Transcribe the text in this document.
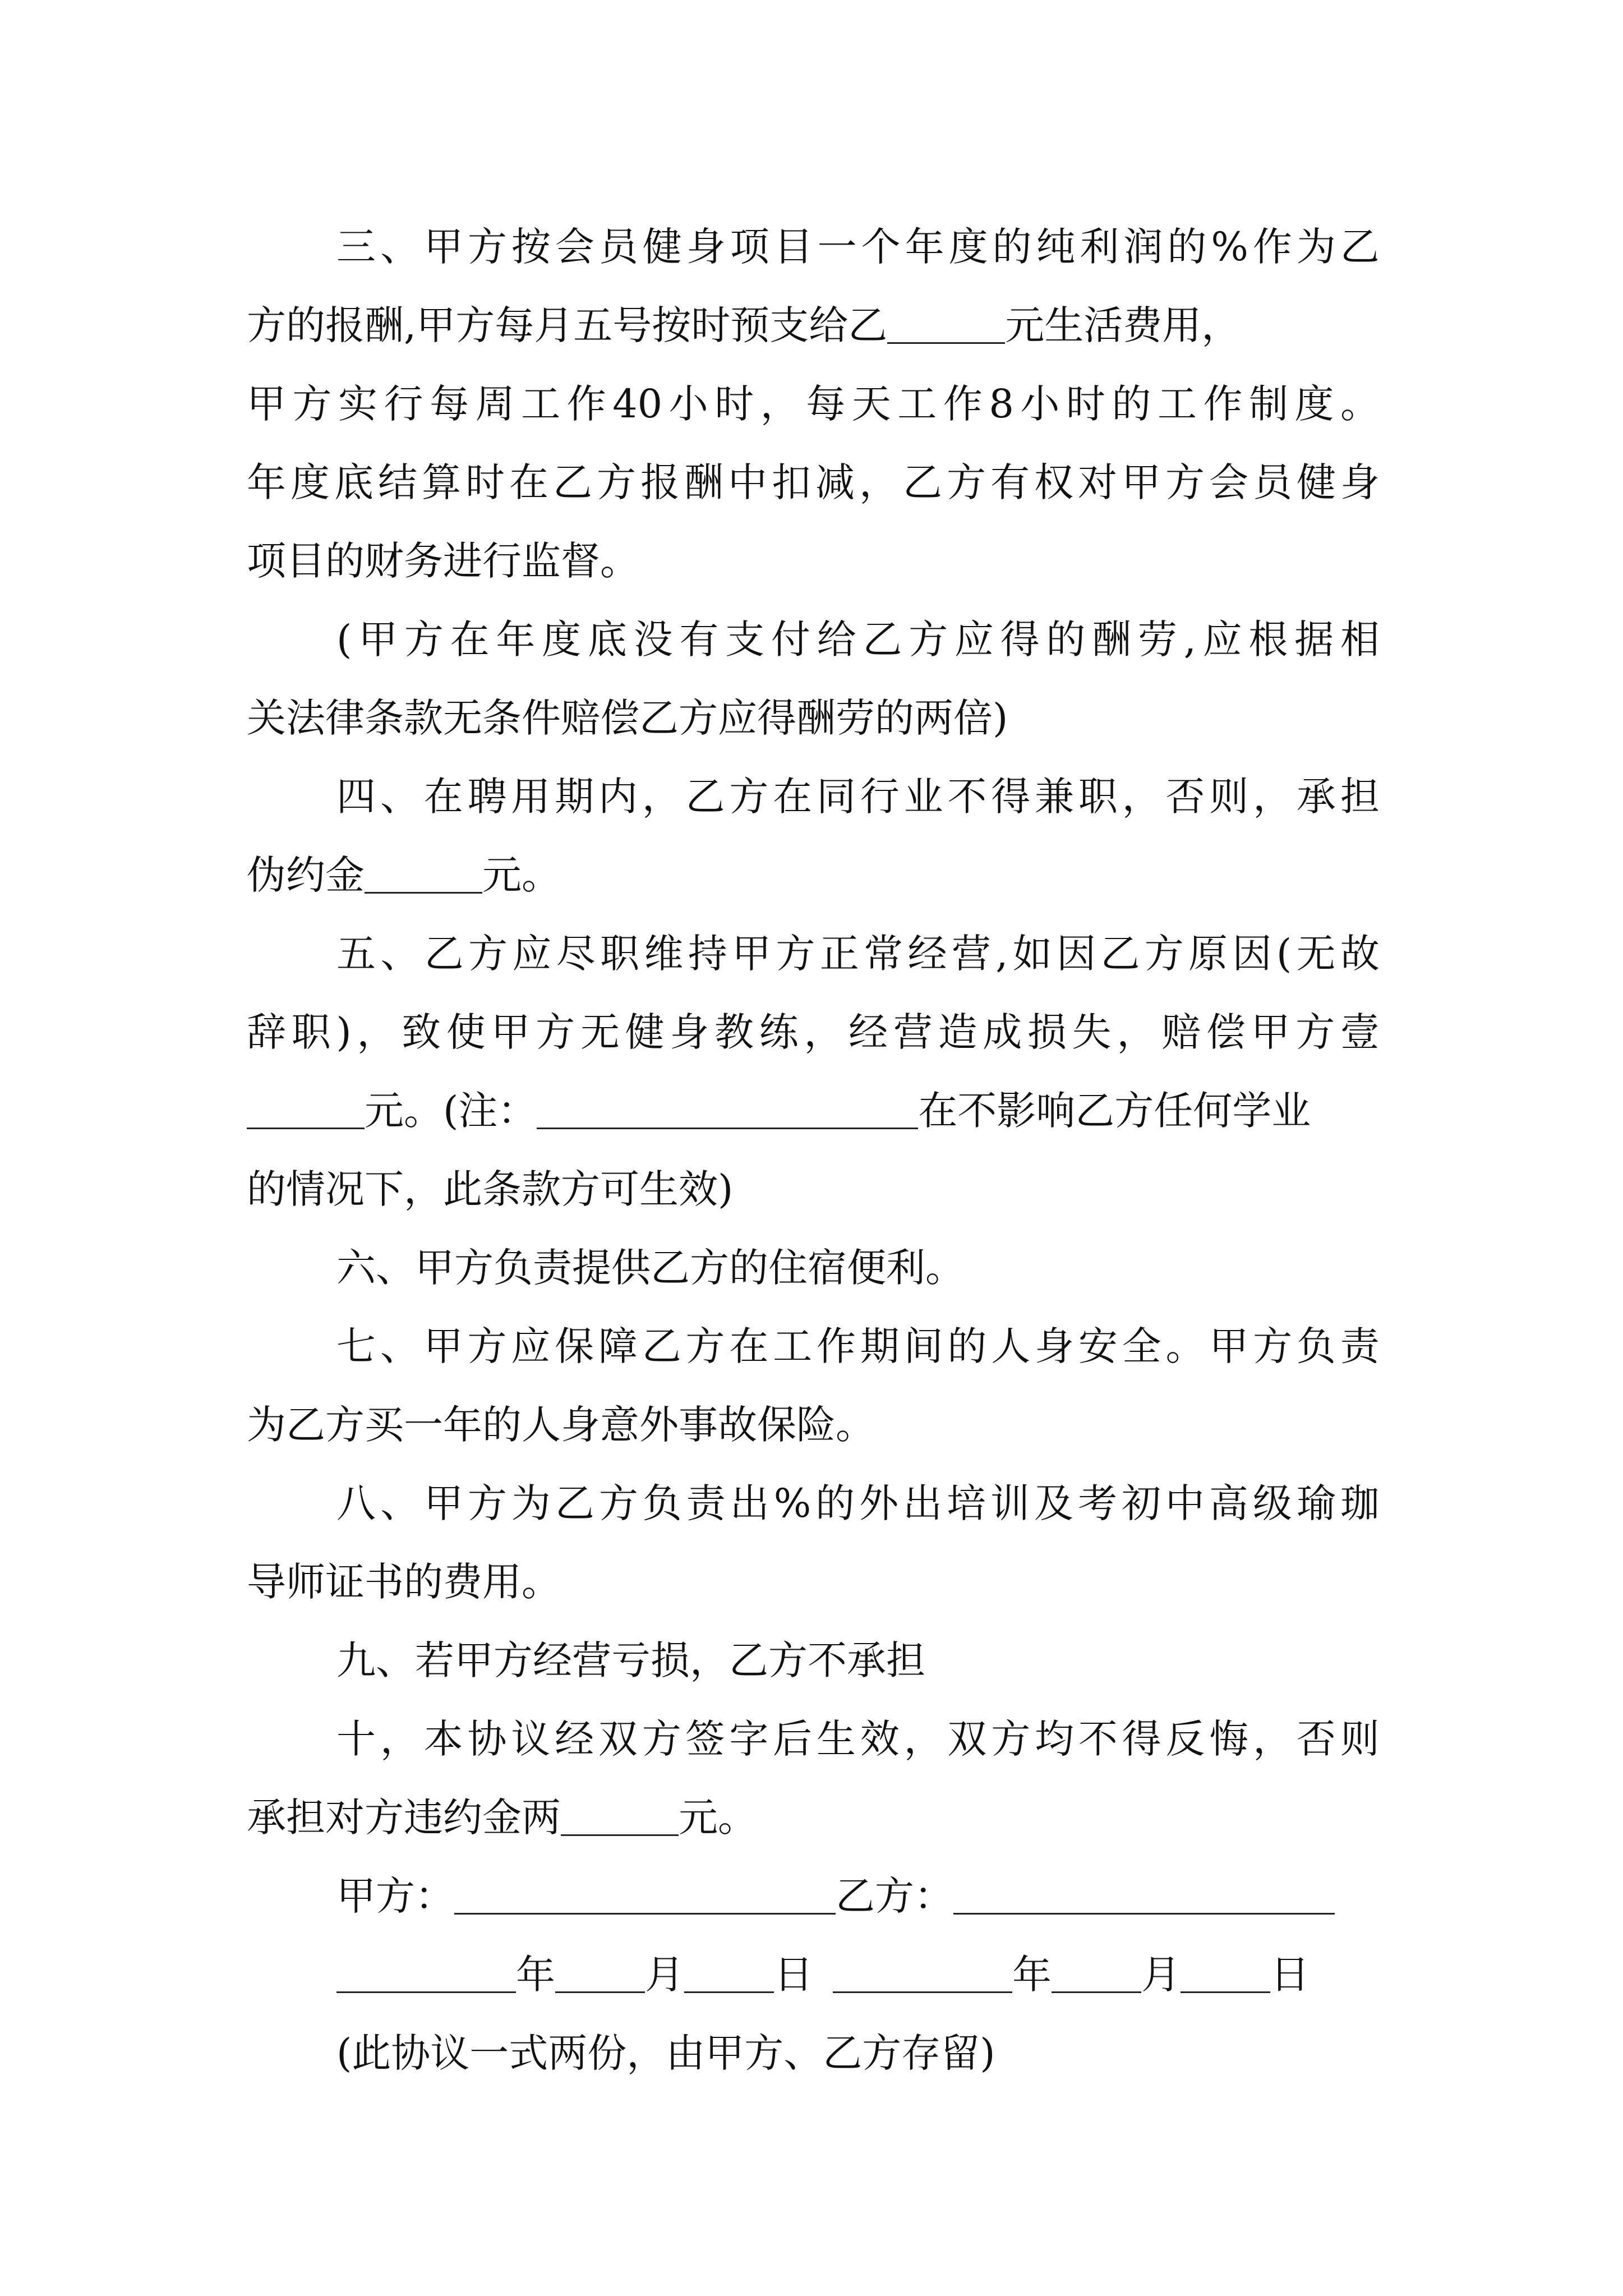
三 、 甲 方 按 会 员 健 身 项 目 一 个 年 度 的 纯 利 润 的 % 作 为 乙
方的报酬,甲方每月五号按时预支给乙	元生活费用，
甲 方 实 行 每 周 工 作 40 小 时 ， 每 天 工 作 8 小 时 的 工 作 制 度 。
年 度 底 结 算 时 在 乙 方 报 酬 中 扣 减 ， 乙 方 有 权 对 甲 方 会 员 健 身
项目的财务进行监督。
( 甲 方 在 年 度 底 没 有 支 付 给 乙 方 应 得 的 酬 劳 , 应 根 据 相
关法律条款无条件赔偿乙方应得酬劳的两倍)
四 、 在 聘 用 期 内 ， 乙 方 在 同 行 业 不 得 兼 职 ， 否 则 ， 承 担
伪约金	元。
五 、 乙 方 应 尽 职 维 持 甲 方 正 常 经 营 , 如 因 乙 方 原 因 ( 无 故
辞 职 ) ， 致 使 甲 方 无 健 身 教 练 ， 经 营 造 成 损 失 ， 赔 偿 甲 方 壹
元。(注：	在不影响乙方任何学业
的情况下，此条款方可生效)
六、甲方负责提供乙方的住宿便利。
七 、 甲 方 应 保 障 乙 方 在 工 作 期 间 的 人 身 安 全 。 甲 方 负 责
为乙方买一年的人身意外事故保险。
八 、 甲 方 为 乙 方 负 责 出 % 的 外 出 培 训 及 考 初 中 高 级 瑜 珈
导师证书的费用。
九、若甲方经营亏损，乙方不承担
十 ， 本 协 议 经 双 方 签 字 后 生 效 ， 双 方 均 不 得 反 悔 ， 否 则
承担对方违约金两	元。
甲方：	乙方：
年 月 日	年 月 日
(此协议一式两份，由甲方、乙方存留)
